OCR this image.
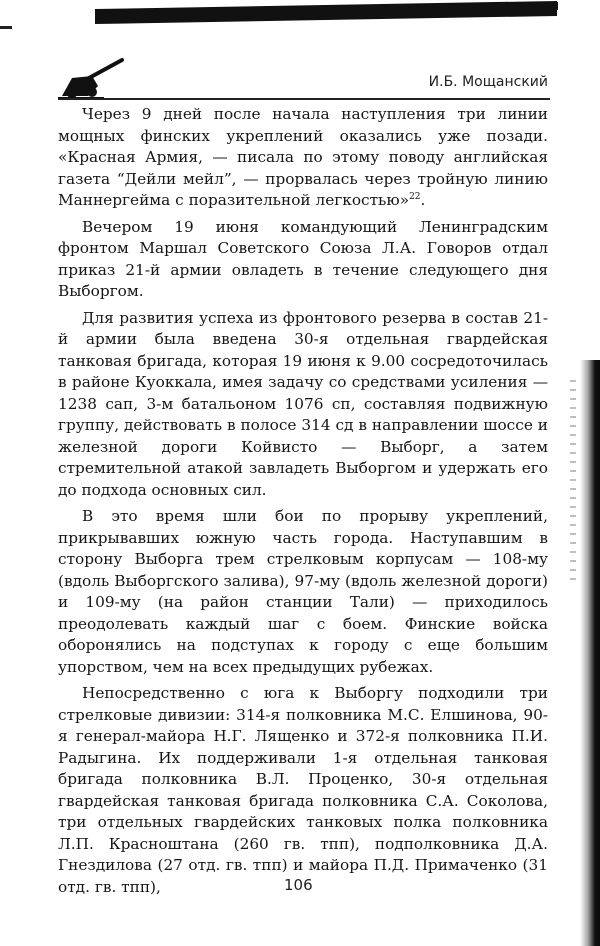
И.Б. Мощанский

Через 9 дней после начала наступления три линии мощных финских укреплений оказались уже позади. «Красная Армия, — писала по этому поводу английская газета “Дейли мейл”, — прорвалась через тройную линию Маннергейма с поразительной легкостью»$^{22}$.

Вечером 19 июня командующий Ленинградским фронтом Маршал Советского Союза Л.А. Говоров отдал приказ 21-й армии овладеть в течение следующего дня Выборгом.

Для развития успеха из фронтового резерва в состав 21-й армии была введена 30-я отдельная гвардейская танковая бригада, которая 19 июня к 9.00 сосредоточилась в районе Куоккала, имея задачу со средствами усиления — 1238 сап, 3-м батальоном 1076 сп, составляя подвижную группу, действовать в полосе 314 сд в направлении шоссе и железной дороги Койвисто — Выборг, а затем стремительной атакой завладеть Выборгом и удержать его до подхода основных сил.

В это время шли бои по прорыву укреплений, прикрывавших южную часть города. Наступавшим в сторону Выборга трем стрелковым корпусам — 108-му (вдоль Выборгского залива), 97-му (вдоль железной дороги) и 109-му (на район станции Тали) — приходилось преодолевать каждый шаг с боем. Финские войска оборонялись на подступах к городу с еще большим упорством, чем на всех предыдущих рубежах.

Непосредственно с юга к Выборгу подходили три стрелковые дивизии: 314-я полковника М.С. Елшинова, 90-я генерал-майора Н.Г. Лященко и 372-я полковника П.И. Радыгина. Их поддерживали 1-я отдельная танковая бригада полковника В.Л. Проценко, 30-я отдельная гвардейская танковая бригада полковника С.А. Соколова, три отдельных гвардейских танковых полка полковника Л.П. Красноштана (260 гв. тпп), подполковника Д.А. Гнездилова (27 отд. гв. тпп) и майора П.Д. Примаченко (31 отд. гв. тпп),	106
